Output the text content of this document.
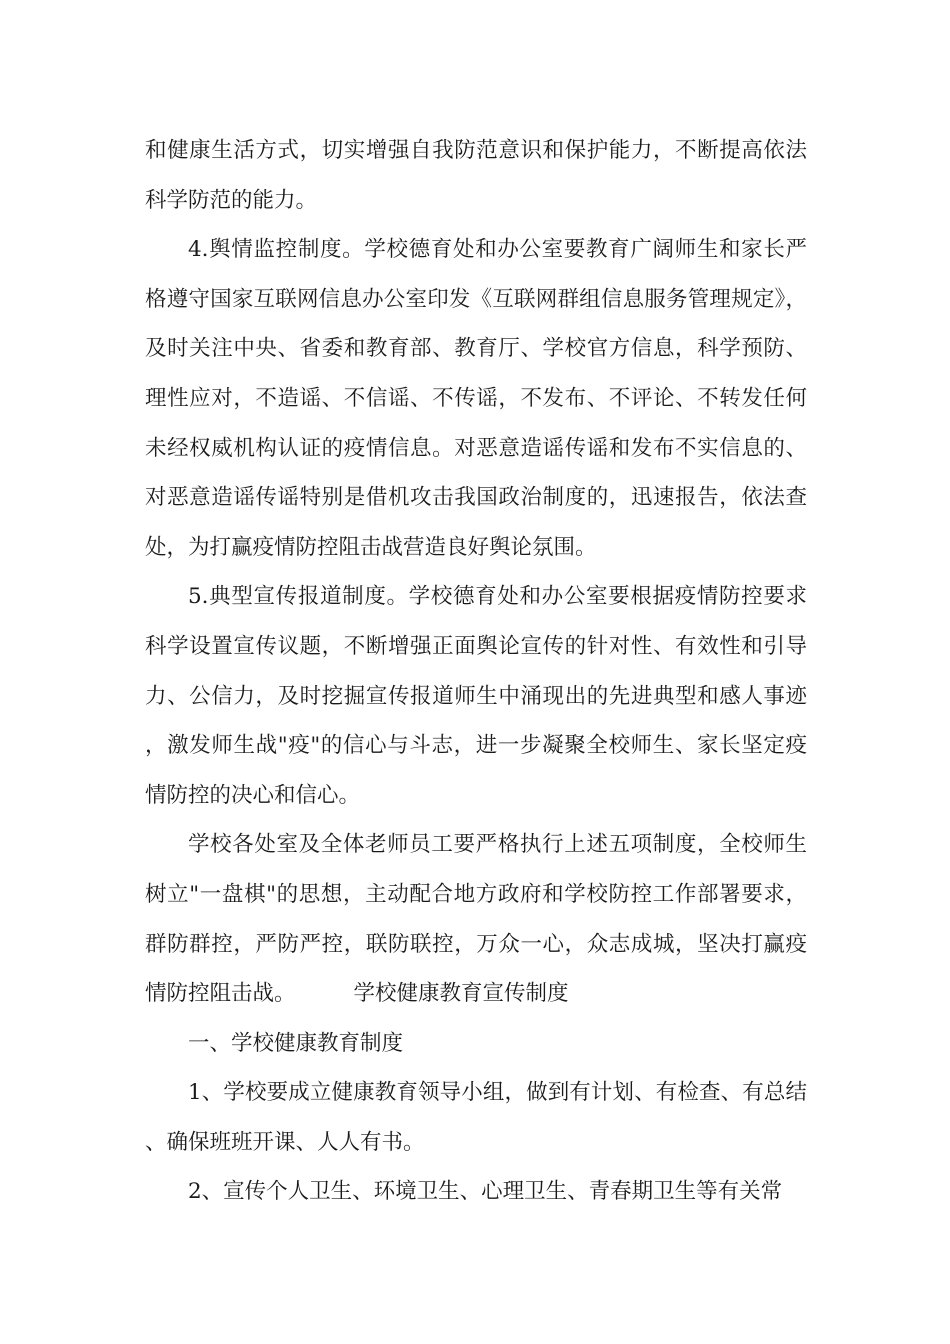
和健康生活方式，切实增强自我防范意识和保护能力，不断提高依法科学防范的能力。

4.舆情监控制度。学校德育处和办公室要教育广阔师生和家长严格遵守国家互联网信息办公室印发《互联网群组信息服务管理规定》，及时关注中央、省委和教育部、教育厅、学校官方信息，科学预防、理性应对，不造谣、不信谣、不传谣，不发布、不评论、不转发任何未经权威机构认证的疫情信息。对恶意造谣传谣和发布不实信息的、对恶意造谣传谣特别是借机攻击我国政治制度的，迅速报告，依法查处，为打赢疫情防控阻击战营造良好舆论氛围。

5.典型宣传报道制度。学校德育处和办公室要根据疫情防控要求科学设置宣传议题，不断增强正面舆论宣传的针对性、有效性和引导力、公信力，及时挖掘宣传报道师生中涌现出的先进典型和感人事迹，激发师生战"疫"的信心与斗志，进一步凝聚全校师生、家长坚定疫情防控的决心和信心。

学校各处室及全体老师员工要严格执行上述五项制度，全校师生树立"一盘棋"的思想，主动配合地方政府和学校防控工作部署要求，群防群控，严防严控，联防联控，万众一心，众志成城，坚决打赢疫情防控阻击战。	学校健康教育宣传制度

一、学校健康教育制度

1、学校要成立健康教育领导小组，做到有计划、有检查、有总结、确保班班开课、人人有书。

2、宣传个人卫生、环境卫生、心理卫生、青春期卫生等有关常
